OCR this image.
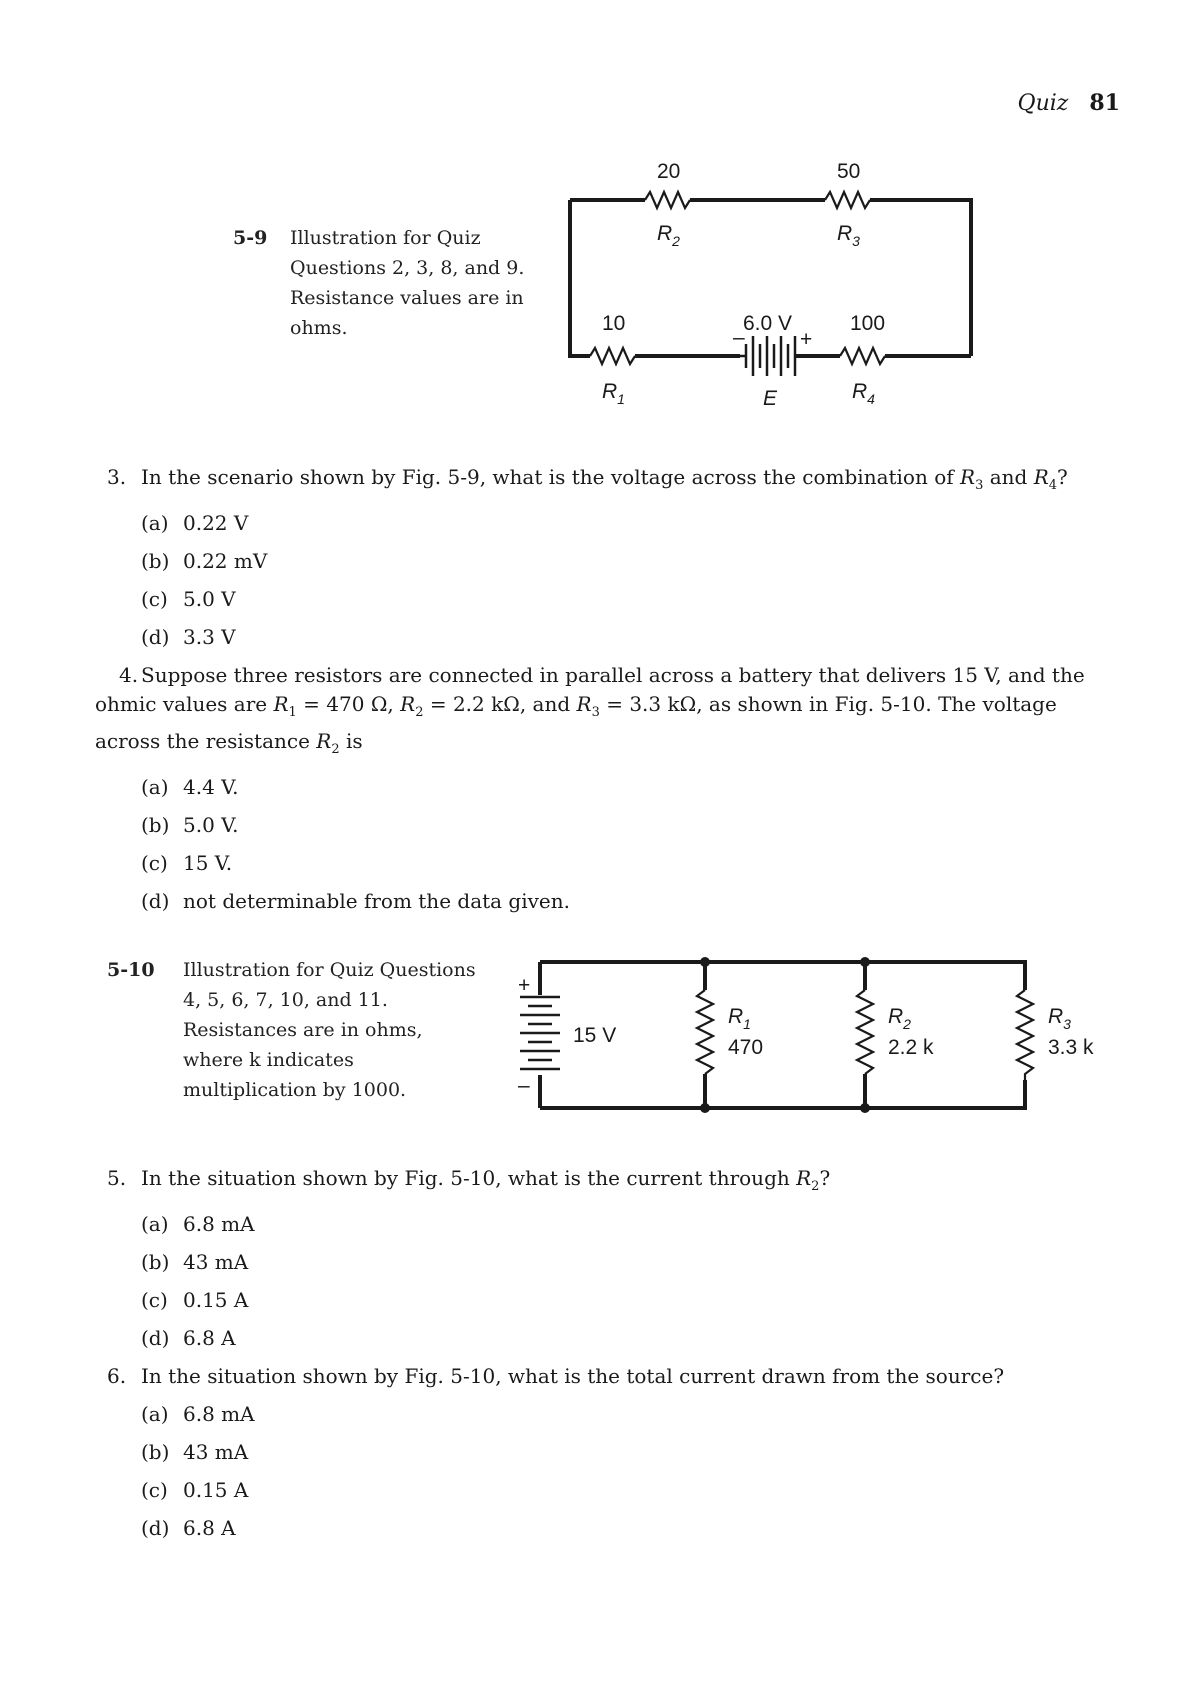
Quiz 81
5-9 Illustration for Quiz Questions 2, 3, 8, and 9. Resistance values are in ohms.
20	50
$R_2$	$R_3$
10	6.0 V	100
–	+
$R_1$	E	$R_4$
3. In the scenario shown by Fig. 5-9, what is the voltage across the combination of $R_3$ and $R_4$?
(a) 0.22 V
(b) 0.22 mV
(c) 5.0 V
(d) 3.3 V
4. Suppose three resistors are connected in parallel across a battery that delivers 15 V, and the ohmic values are $R_1 = 470$ Ω, $R_2 = 2.2$ kΩ, and $R_3 = 3.3$ kΩ, as shown in Fig. 5-10. The voltage across the resistance $R_2$ is
(a) 4.4 V.
(b) 5.0 V.
(c) 15 V.
(d) not determinable from the data given.
5-10 Illustration for Quiz Questions 4, 5, 6, 7, 10, and 11. Resistances are in ohms, where k indicates multiplication by 1000.
+
–
15 V
$R_1$
470
$R_2$
2.2 k
$R_3$
3.3 k
5. In the situation shown by Fig. 5-10, what is the current through $R_2$?
(a) 6.8 mA
(b) 43 mA
(c) 0.15 A
(d) 6.8 A
6. In the situation shown by Fig. 5-10, what is the total current drawn from the source?
(a) 6.8 mA
(b) 43 mA
(c) 0.15 A
(d) 6.8 A
